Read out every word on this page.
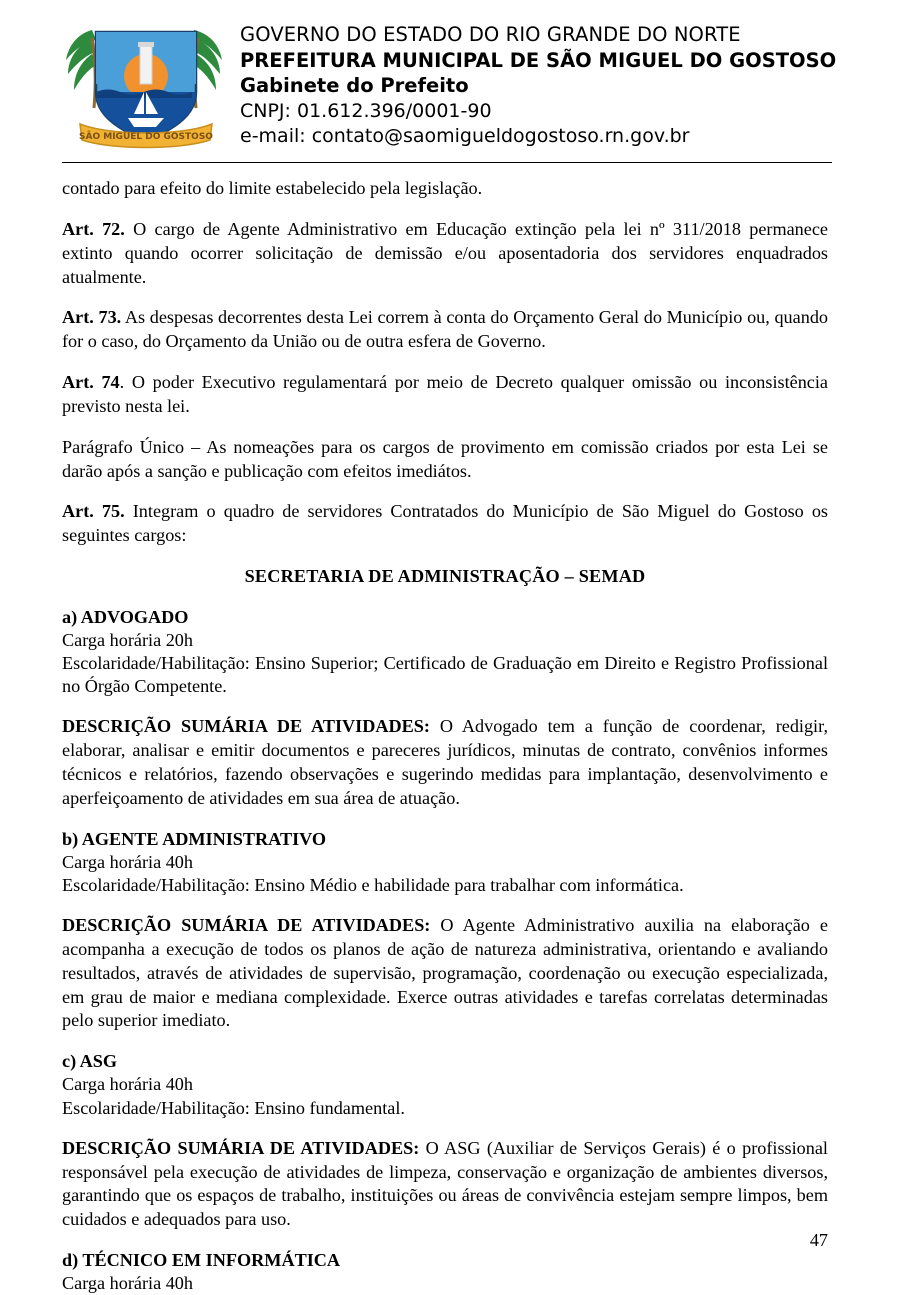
SÃO MIGUEL DO GOSTOSO
GOVERNO DO ESTADO DO RIO GRANDE DO NORTE
PREFEITURA MUNICIPAL DE SÃO MIGUEL DO GOSTOSO
Gabinete do Prefeito
CNPJ: 01.612.396/0001-90
e-mail: contato@saomigueldogostoso.rn.gov.br

contado para efeito do limite estabelecido pela legislação.

Art. 72. O cargo de Agente Administrativo em Educação extinção pela lei nº 311/2018 permanece extinto quando ocorrer solicitação de demissão e/ou aposentadoria dos servidores enquadrados atualmente.

Art. 73. As despesas decorrentes desta Lei correm à conta do Orçamento Geral do Município ou, quando for o caso, do Orçamento da União ou de outra esfera de Governo.

Art. 74. O poder Executivo regulamentará por meio de Decreto qualquer omissão ou inconsistência previsto nesta lei.

Parágrafo Único – As nomeações para os cargos de provimento em comissão criados por esta Lei se darão após a sanção e publicação com efeitos imediátos.

Art. 75. Integram o quadro de servidores Contratados do Município de São Miguel do Gostoso os seguintes cargos:

SECRETARIA DE ADMINISTRAÇÃO – SEMAD

a) ADVOGADO

Carga horária 20h

Escolaridade/Habilitação: Ensino Superior; Certificado de Graduação em Direito e Registro Profissional no Órgão Competente.

DESCRIÇÃO SUMÁRIA DE ATIVIDADES: O Advogado tem a função de coordenar, redigir, elaborar, analisar e emitir documentos e pareceres jurídicos, minutas de contrato, convênios informes técnicos e relatórios, fazendo observações e sugerindo medidas para implantação, desenvolvimento e aperfeiçoamento de atividades em sua área de atuação.

b) AGENTE ADMINISTRATIVO

Carga horária 40h

Escolaridade/Habilitação: Ensino Médio e habilidade para trabalhar com informática.

DESCRIÇÃO SUMÁRIA DE ATIVIDADES: O Agente Administrativo auxilia na elaboração e acompanha a execução de todos os planos de ação de natureza administrativa, orientando e avaliando resultados, através de atividades de supervisão, programação, coordenação ou execução especializada, em grau de maior e mediana complexidade. Exerce outras atividades e tarefas correlatas determinadas pelo superior imediato.

c) ASG

Carga horária 40h

Escolaridade/Habilitação: Ensino fundamental.

DESCRIÇÃO SUMÁRIA DE ATIVIDADES: O ASG (Auxiliar de Serviços Gerais) é o profissional responsável pela execução de atividades de limpeza, conservação e organização de ambientes diversos, garantindo que os espaços de trabalho, instituições ou áreas de convivência estejam sempre limpos, bem cuidados e adequados para uso.

d) TÉCNICO EM INFORMÁTICA

Carga horária 40h

47
